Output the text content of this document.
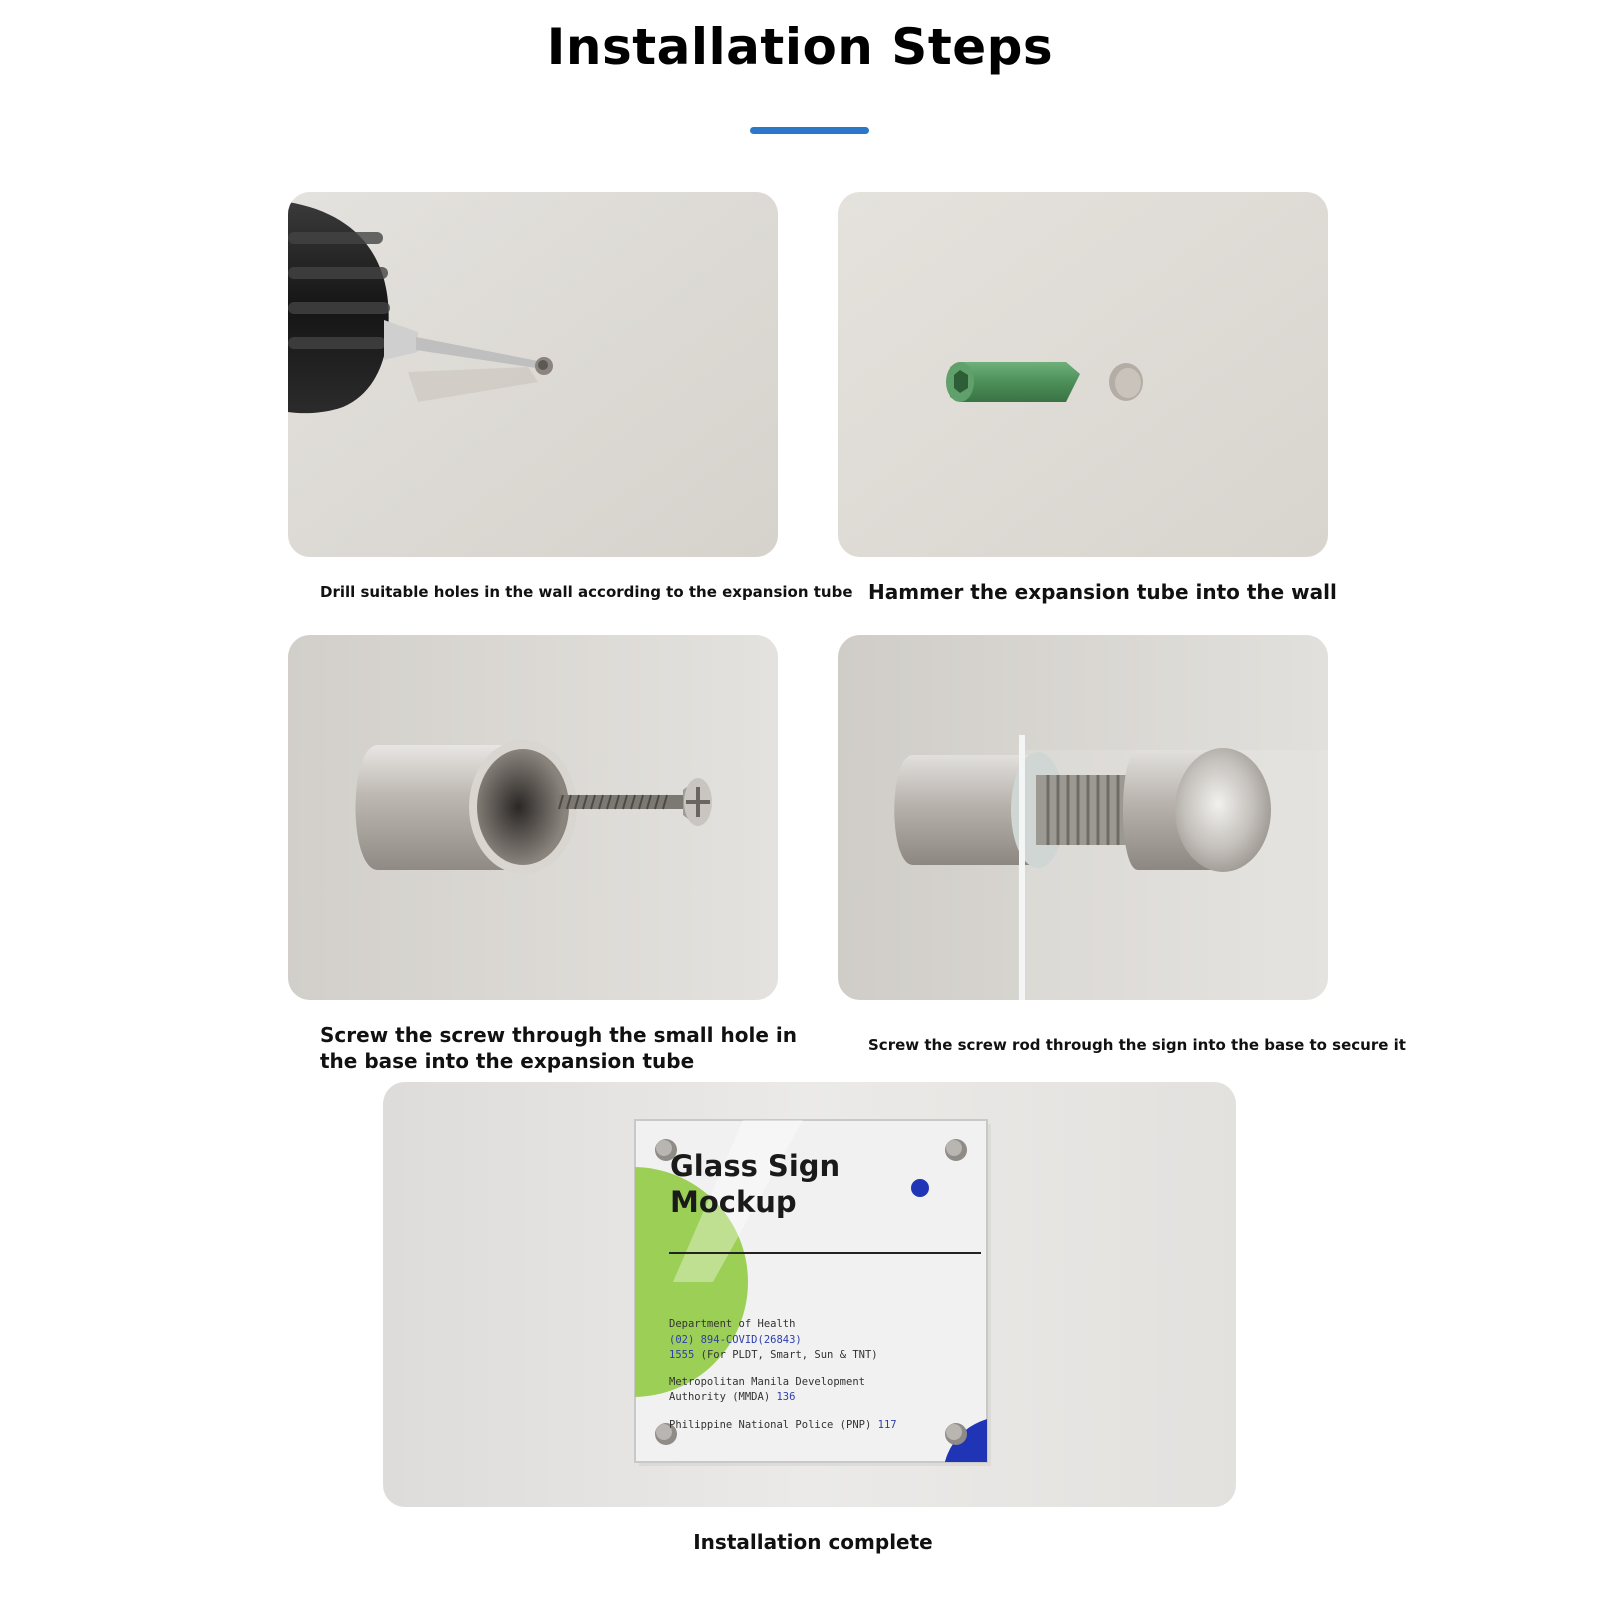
Installation Steps
Drill suitable holes in the wall according to the expansion tube Hammer the expansion tube into the wall
Screw the screw through the small hole in the base into the expansion tube
Screw the screw rod through the sign into the base to secure it
Glass Sign Mockup
Department of Health
(02) 894-COVID(26843)
1555 (For PLDT, Smart, Sun & TNT)
Metropolitan Manila Development
Authority (MMDA) 136
Philippine National Police (PNP) 117
Installation complete
